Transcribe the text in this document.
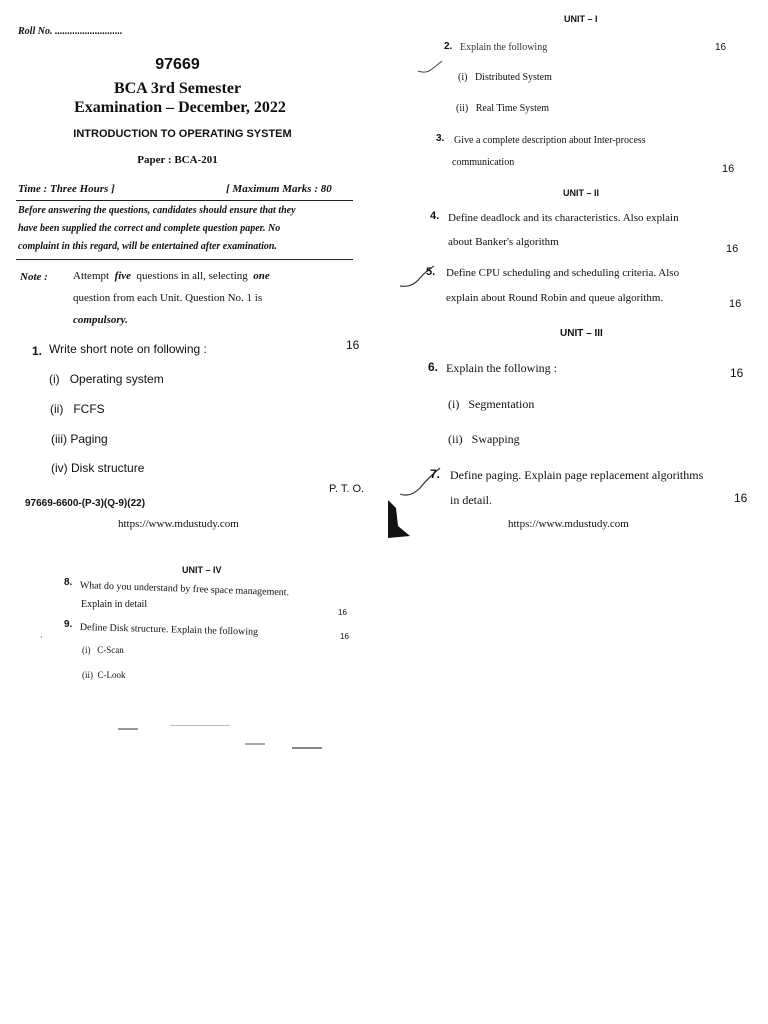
Roll No. ...........................
97669
BCA 3rd Semester
Examination – December, 2022
INTRODUCTION TO OPERATING SYSTEM
Paper : BCA-201
Time : Three Hours ]	[ Maximum Marks : 80
Before answering the questions, candidates should ensure that they
have been supplied the correct and complete question paper. No
complaint in this regard, will be entertained after examination.
Note : Attempt five questions in all, selecting one
question from each Unit. Question No. 1 is
compulsory.
1. Write short note on following :	16
(i) Operating system
(ii) FCFS
(iii) Paging
(iv) Disk structure
P. T. O.
97669-6600-(P-3)(Q-9)(22)
https://www.mdustudy.com
UNIT – I
2. Explain the following	16
(i) Distributed System
(ii) Real Time System
3. Give a complete description about Inter-process
communication
16
UNIT – II
4. Define deadlock and its characteristics. Also explain
about Banker's algorithm
16
5. Define CPU scheduling and scheduling criteria. Also
explain about Round Robin and queue algorithm.	16
UNIT – III
6. Explain the following :	16
(i) Segmentation
(ii) Swapping
7. Define paging. Explain page replacement algorithms
in detail.	16
https://www.mdustudy.com
UNIT – IV
8. What do you understand by free space management.
Explain in detail
16
9. Define Disk structure. Explain the following	16
·
(i) C-Scan
(ii) C-Look
